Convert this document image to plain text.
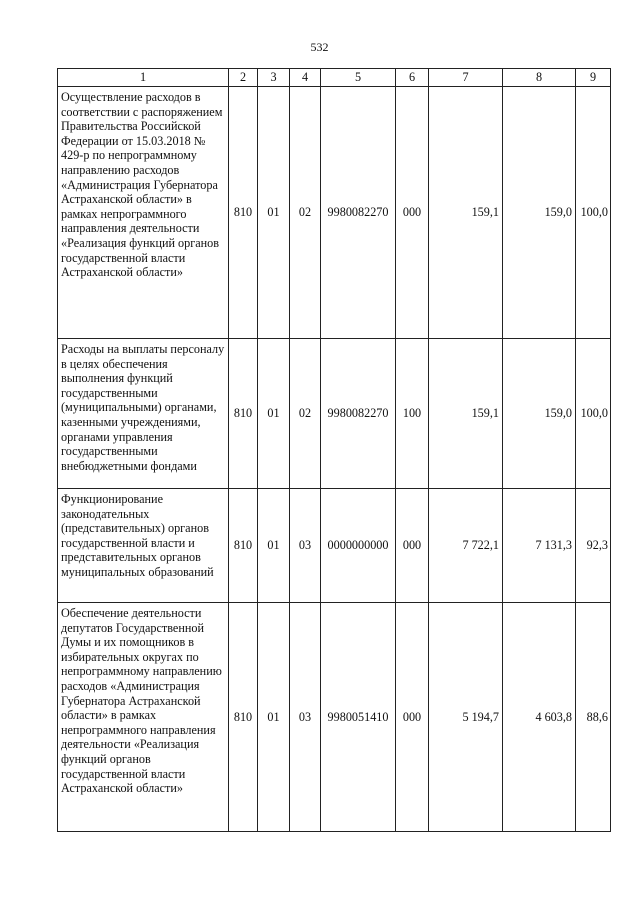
532
1	2	3	4	5	6	7	8	9
Осуществление расходов в соответствии с распоряжением Правительства Российской Федерации от 15.03.2018 № 429-р по непрограммному направлению расходов «Администрация Губернатора Астраханской области» в рамках непрограммного направления деятельности «Реализация функций органов государственной власти Астраханской области»	810	01	02	9980082270	000	159,1	159,0	100,0
Расходы на выплаты персоналу в целях обеспечения выполнения функций государственными (муниципальными) органами, казенными учреждениями, органами управления государственными внебюджетными фондами	810	01	02	9980082270	100	159,1	159,0	100,0
Функционирование законодательных (представительных) органов государственной власти и представительных органов муниципальных образований	810	01	03	0000000000	000	7 722,1	7 131,3	92,3
Обеспечение деятельности депутатов Государственной Думы и их помощников в избирательных округах по непрограммному направлению расходов «Администрация Губернатора Астраханской области» в рамках непрограммного направления деятельности «Реализация функций органов государственной власти Астраханской области»	810	01	03	9980051410	000	5 194,7	4 603,8	88,6
